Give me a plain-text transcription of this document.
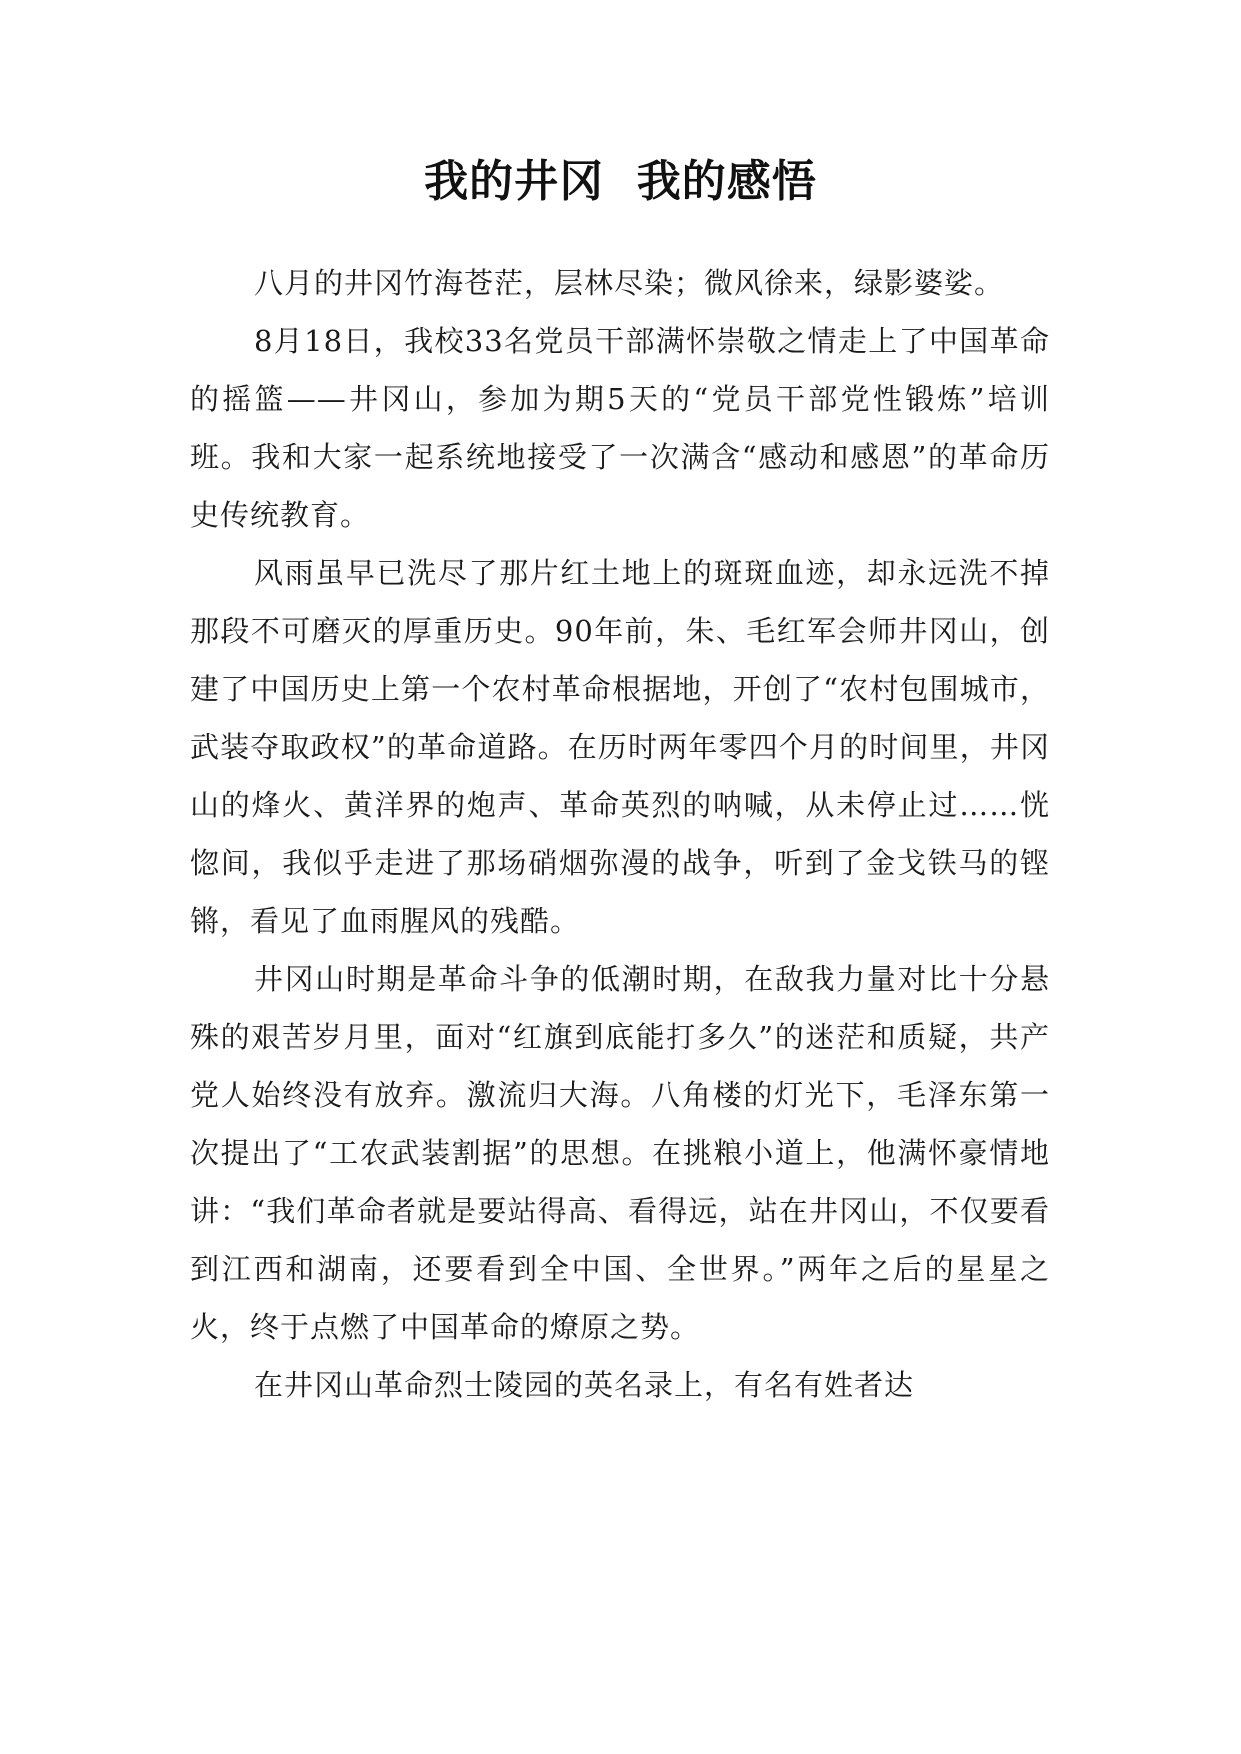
我的井冈  我的感悟

八月的井冈竹海苍茫，层林尽染；微风徐来，绿影婆娑。

8月18日，我校33名党员干部满怀崇敬之情走上了中国革命的摇篮——井冈山，参加为期5天的“党员干部党性锻炼”培训班。我和大家一起系统地接受了一次满含“感动和感恩”的革命历史传统教育。

风雨虽早已洗尽了那片红土地上的斑斑血迹，却永远洗不掉那段不可磨灭的厚重历史。90年前，朱、毛红军会师井冈山，创建了中国历史上第一个农村革命根据地，开创了“农村包围城市，武装夺取政权”的革命道路。在历时两年零四个月的时间里，井冈山的烽火、黄洋界的炮声、革命英烈的呐喊，从未停止过……恍惚间，我似乎走进了那场硝烟弥漫的战争，听到了金戈铁马的铿锵，看见了血雨腥风的残酷。

井冈山时期是革命斗争的低潮时期，在敌我力量对比十分悬殊的艰苦岁月里，面对“红旗到底能打多久”的迷茫和质疑，共产党人始终没有放弃。激流归大海。八角楼的灯光下，毛泽东第一次提出了“工农武装割据”的思想。在挑粮小道上，他满怀豪情地讲：“我们革命者就是要站得高、看得远，站在井冈山，不仅要看到江西和湖南，还要看到全中国、全世界。”两年之后的星星之火，终于点燃了中国革命的燎原之势。

在井冈山革命烈士陵园的英名录上，有名有姓者达
